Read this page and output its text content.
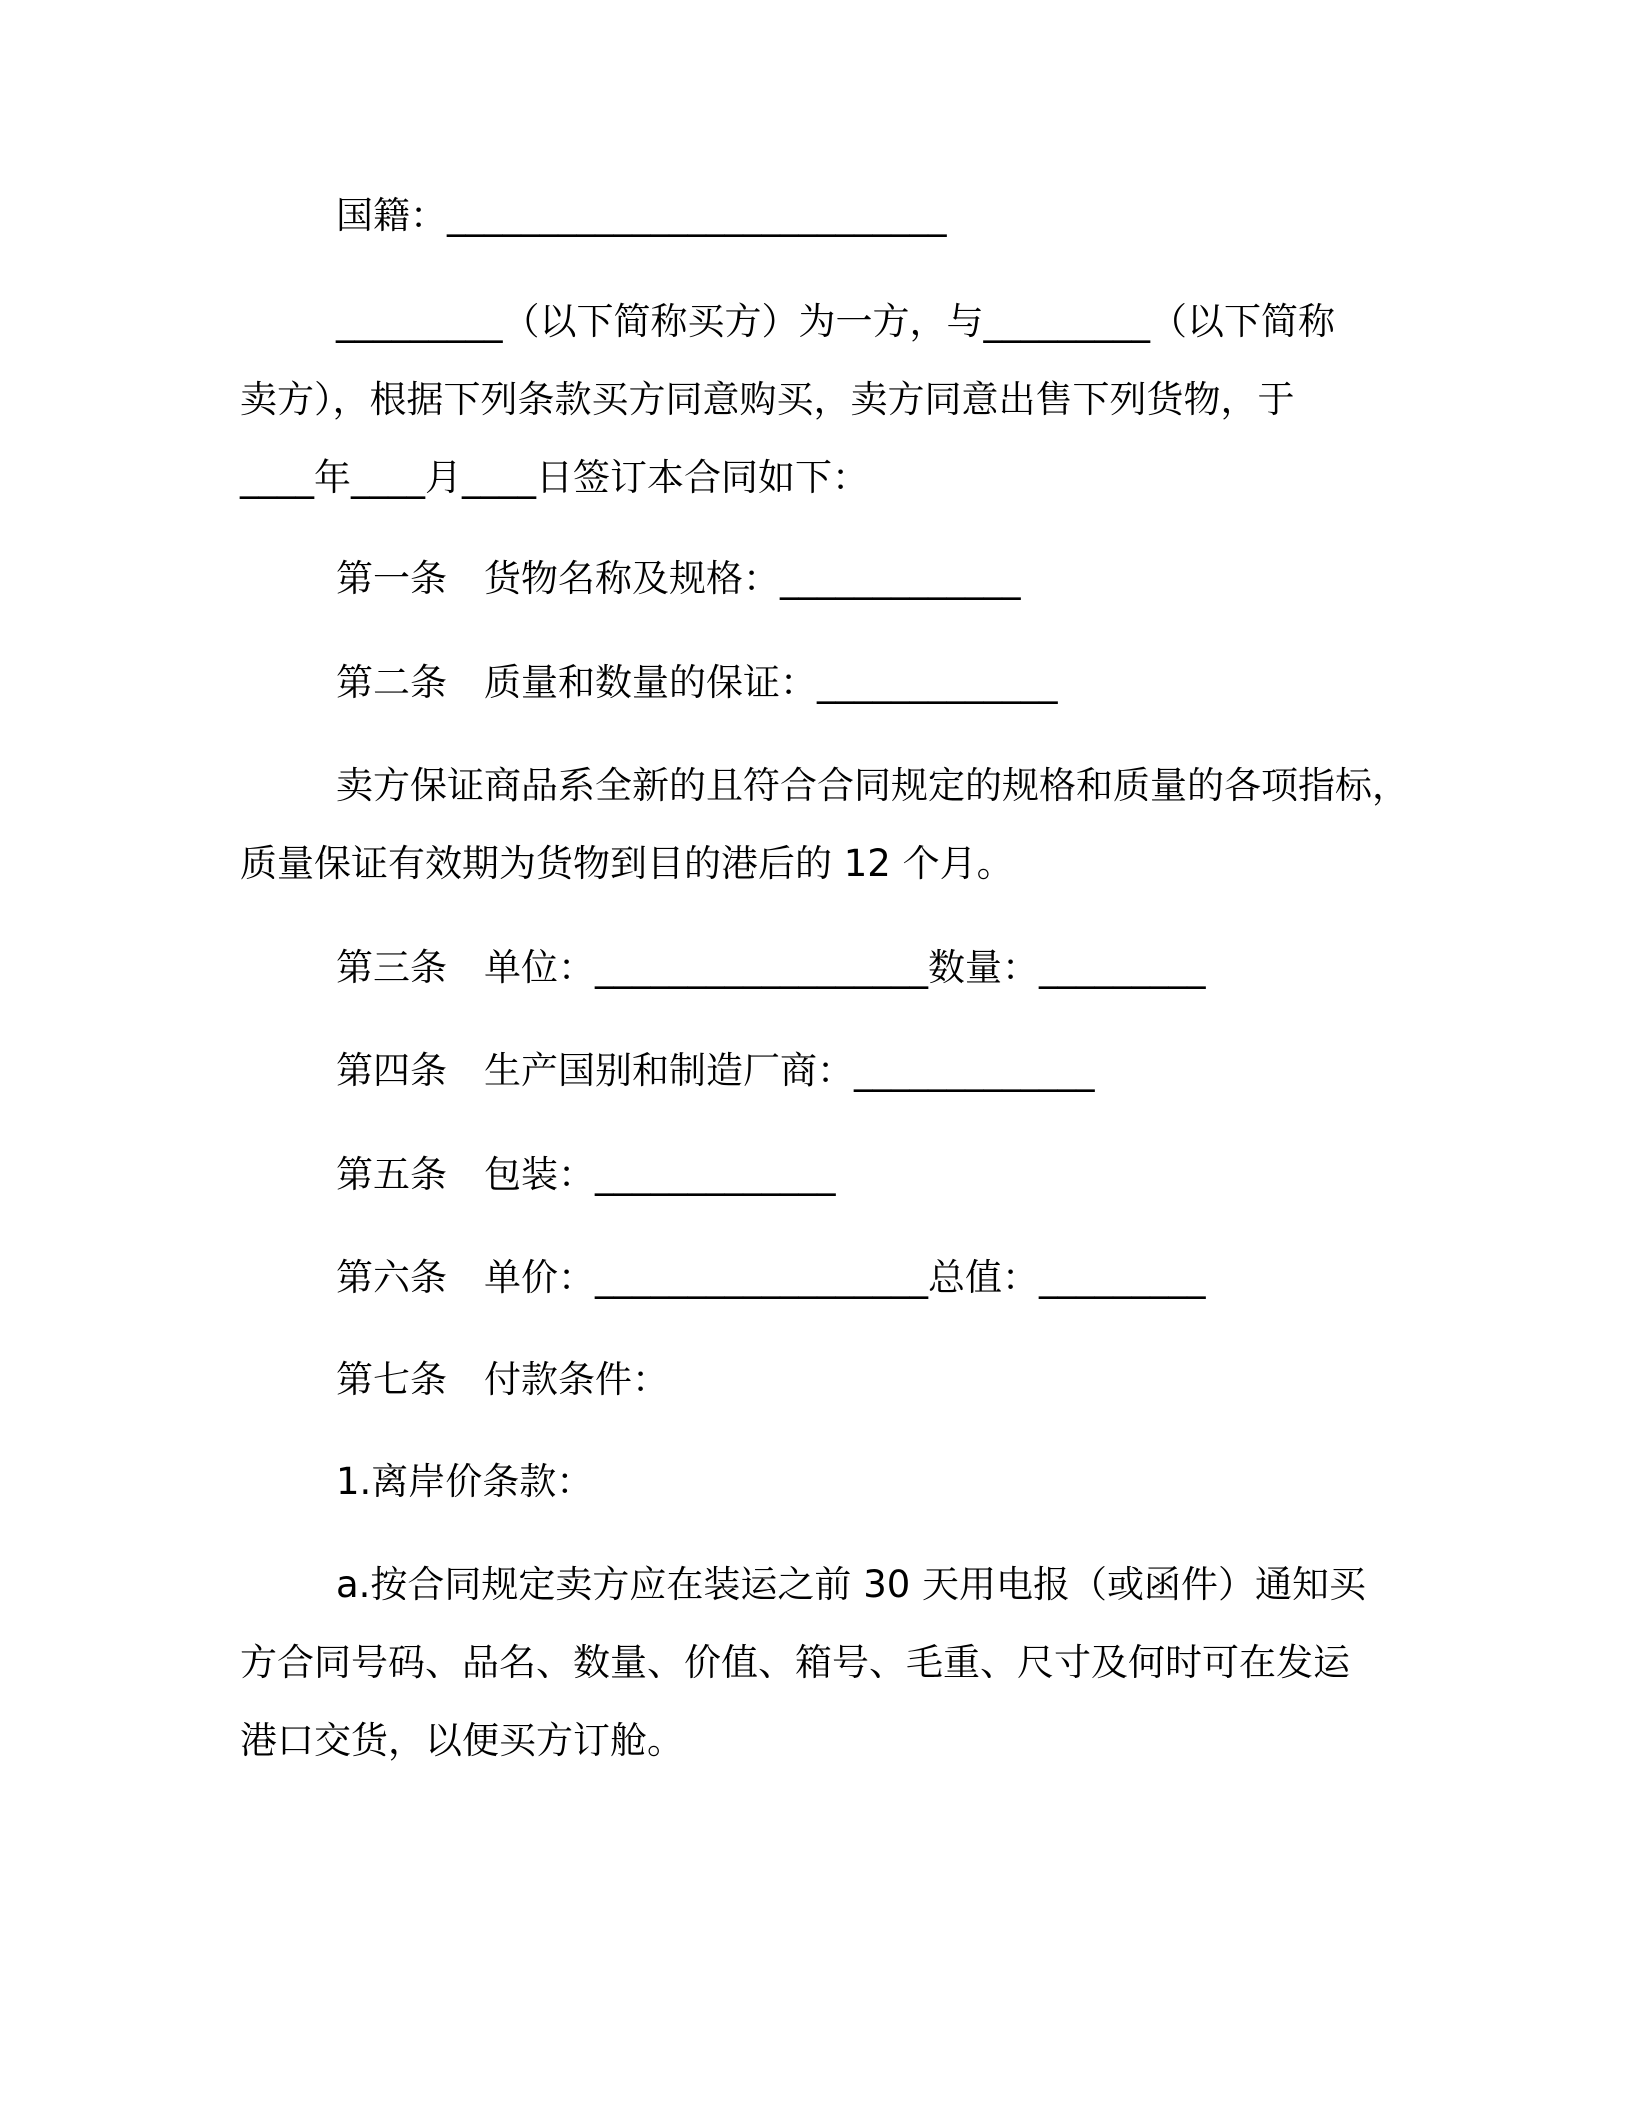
国籍：___________________________
_________（以下简称买方）为一方，与_________（以下简称
卖方），根据下列条款买方同意购买，卖方同意出售下列货物，于
____年____月____日签订本合同如下：
第一条　货物名称及规格：_____________
第二条　质量和数量的保证：_____________
卖方保证商品系全新的且符合合同规定的规格和质量的各项指标，
质量保证有效期为货物到目的港后的 12 个月。
第三条　单位：__________________数量：_________
第四条　生产国别和制造厂商：_____________
第五条　包装：_____________
第六条　单价：__________________总值：_________
第七条　付款条件：
1.离岸价条款：
a.按合同规定卖方应在装运之前 30 天用电报（或函件）通知买
方合同号码、品名、数量、价值、箱号、毛重、尺寸及何时可在发运
港口交货，以便买方订舱。
